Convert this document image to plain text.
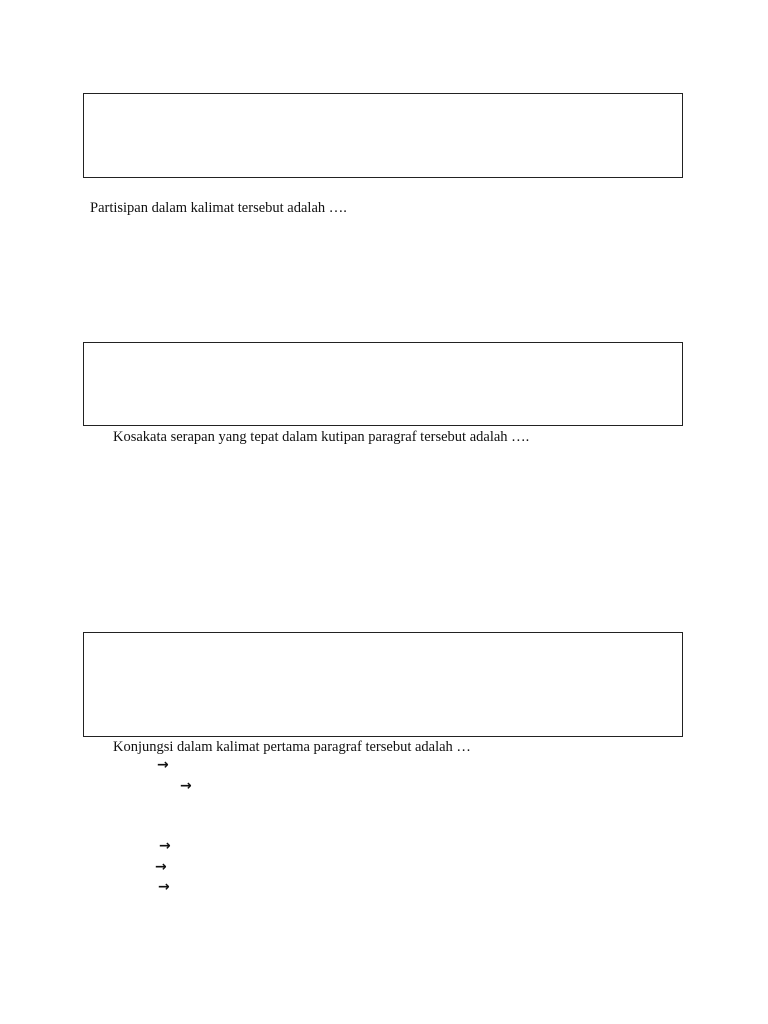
Partisipan dalam kalimat tersebut adalah ….
Kosakata serapan yang tepat dalam kutipan paragraf tersebut adalah ….
Konjungsi dalam kalimat pertama paragraf tersebut adalah …
→
→
→
→
→
